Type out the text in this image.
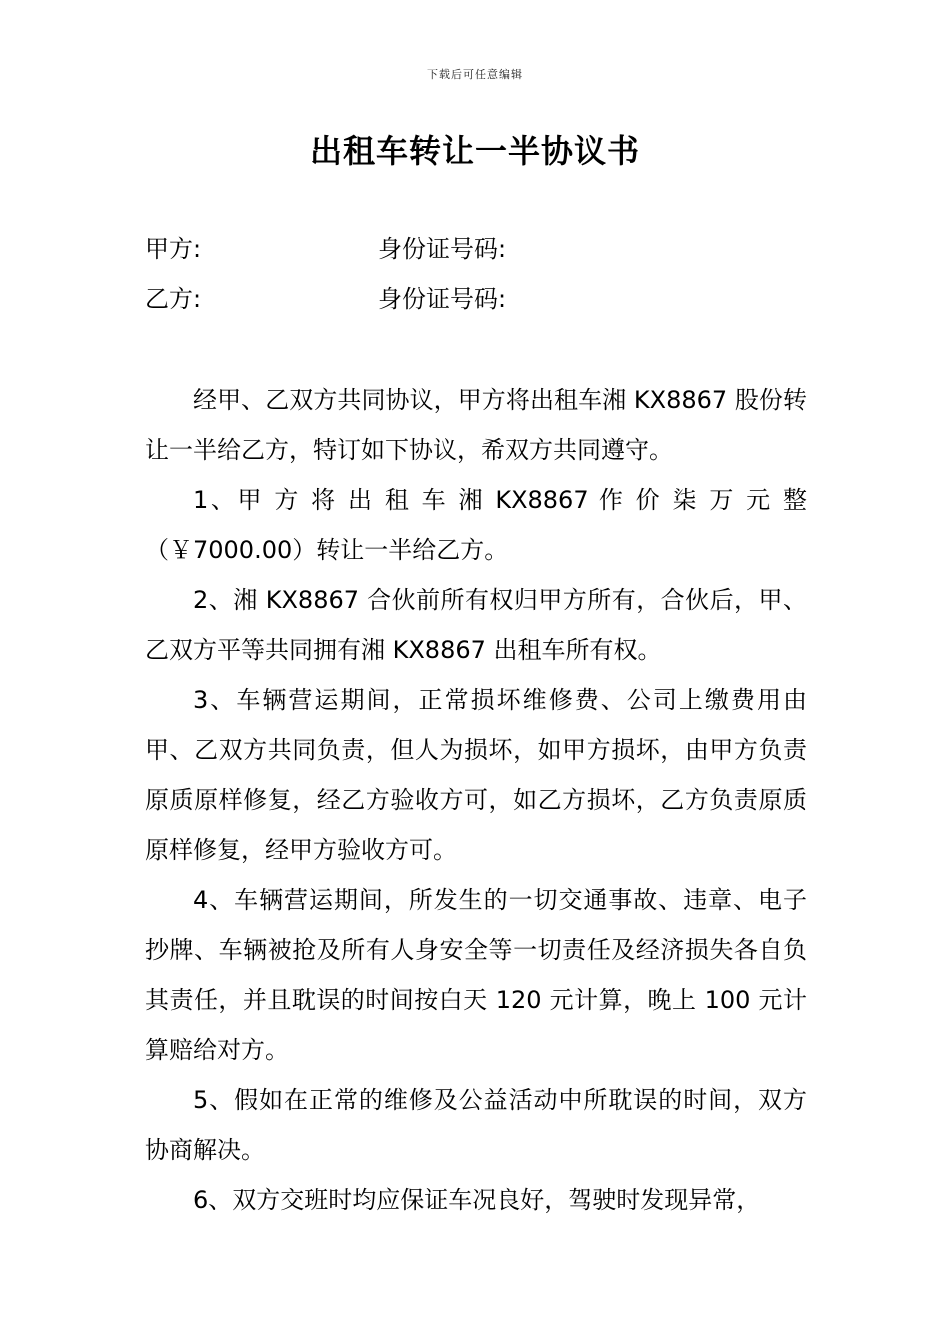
下载后可任意编辑
出租车转让一半协议书
甲方:	身份证号码:
乙方:	身份证号码:

经甲、乙双方共同协议，甲方将出租车湘 KX8867 股份转让一半给乙方，特订如下协议，希双方共同遵守。

1、甲 方 将 出 租 车 湘 KX8867 作 价 柒 万 元 整（￥7000.00）转让一半给乙方。

2、湘 KX8867 合伙前所有权归甲方所有，合伙后，甲、乙双方平等共同拥有湘 KX8867 出租车所有权。

3、车辆营运期间，正常损坏维修费、公司上缴费用由甲、乙双方共同负责，但人为损坏，如甲方损坏，由甲方负责原质原样修复，经乙方验收方可，如乙方损坏，乙方负责原质原样修复，经甲方验收方可。

4、车辆营运期间，所发生的一切交通事故、违章、电子抄牌、车辆被抢及所有人身安全等一切责任及经济损失各自负其责任，并且耽误的时间按白天 120 元计算，晚上 100 元计算赔给对方。

5、假如在正常的维修及公益活动中所耽误的时间，双方协商解决。

6、双方交班时均应保证车况良好，驾驶时发现异常，
